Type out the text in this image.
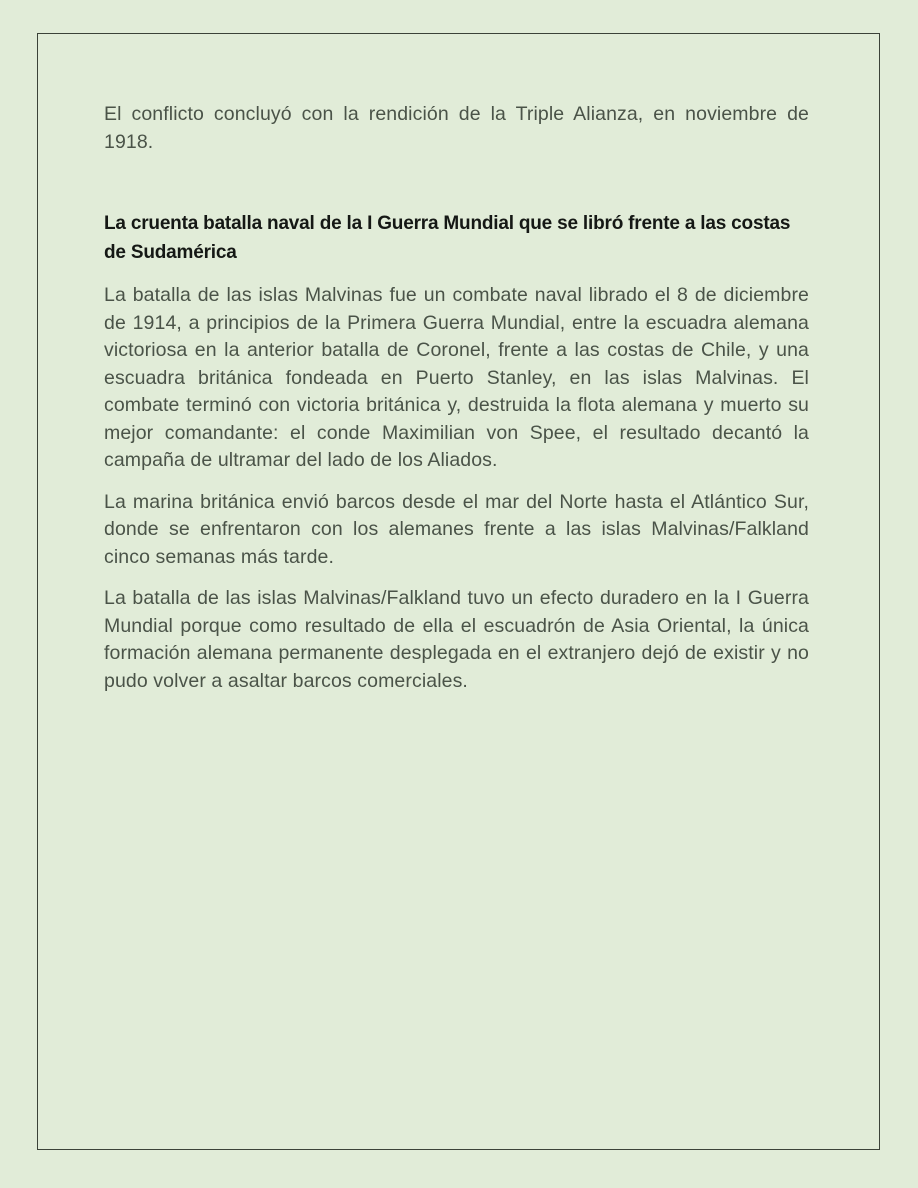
El conflicto concluyó con la rendición de la Triple Alianza, en noviembre de 1918.

La cruenta batalla naval de la I Guerra Mundial que se libró frente a las costas de Sudamérica

La batalla de las islas Malvinas fue un combate naval librado el 8 de diciembre de 1914, a principios de la Primera Guerra Mundial, entre la escuadra alemana victoriosa en la anterior batalla de Coronel, frente a las costas de Chile, y una escuadra británica fondeada en Puerto Stanley, en las islas Malvinas. El combate terminó con victoria británica y, destruida la flota alemana y muerto su mejor comandante: el conde Maximilian von Spee, el resultado decantó la campaña de ultramar del lado de los Aliados.

La marina británica envió barcos desde el mar del Norte hasta el Atlántico Sur, donde se enfrentaron con los alemanes frente a las islas Malvinas/Falkland cinco semanas más tarde.

La batalla de las islas Malvinas/Falkland tuvo un efecto duradero en la I Guerra Mundial porque como resultado de ella el escuadrón de Asia Oriental, la única formación alemana permanente desplegada en el extranjero dejó de existir y no pudo volver a asaltar barcos comerciales.
